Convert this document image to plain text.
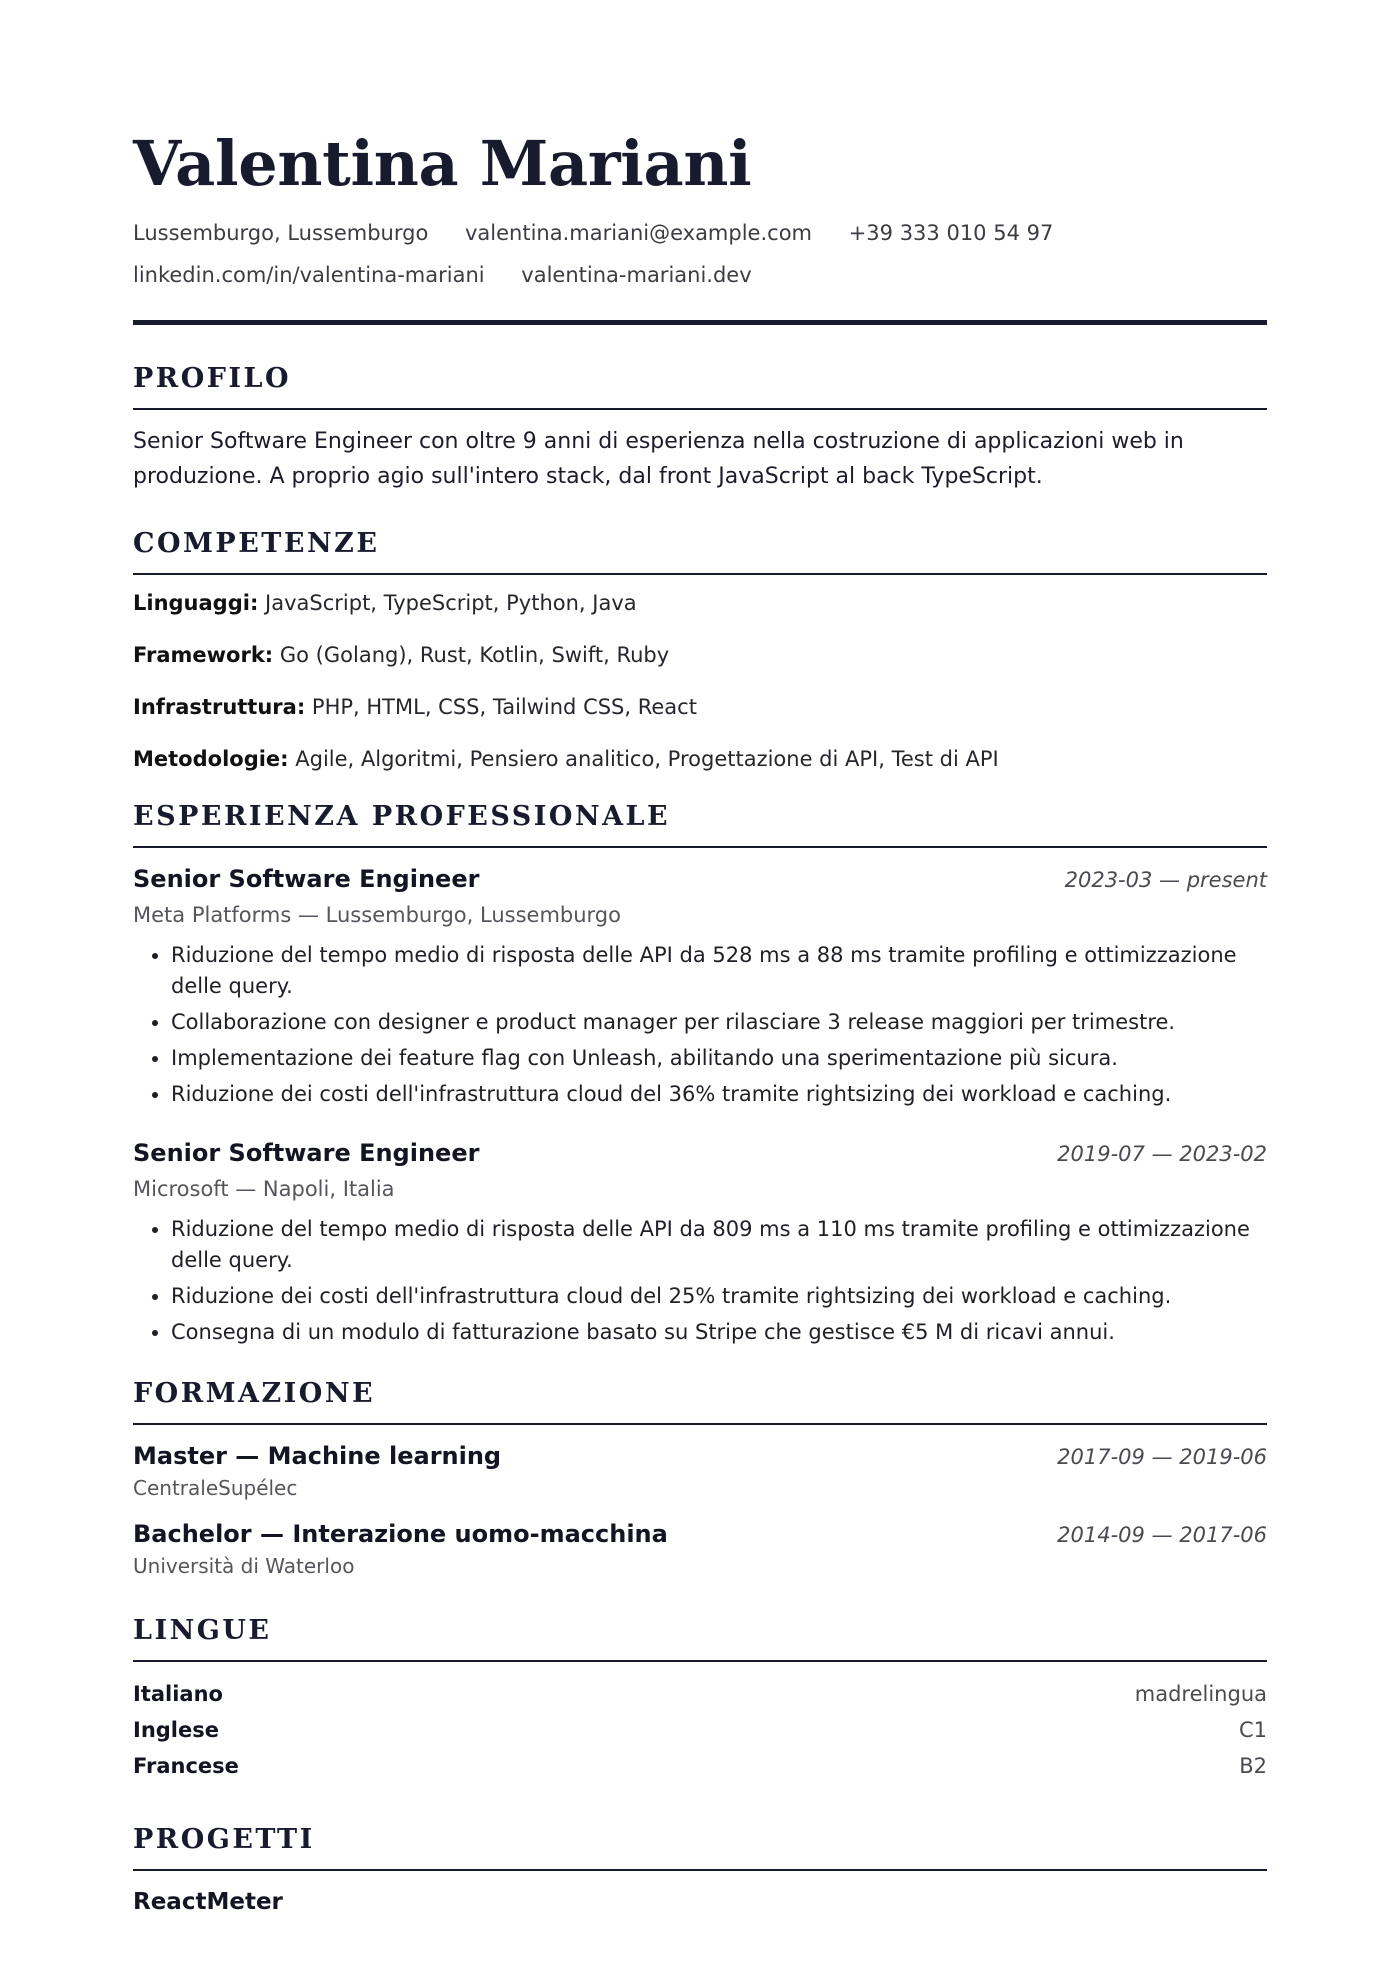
Valentina Mariani
Lussemburgo, Lussemburgo valentina.mariani@example.com +39 333 010 54 97
linkedin.com/in/valentina-mariani valentina-mariani.dev
PROFILO
Senior Software Engineer con oltre 9 anni di esperienza nella costruzione di applicazioni web in produzione. A proprio agio sull'intero stack, dal front JavaScript al back TypeScript.
COMPETENZE
Linguaggi: JavaScript, TypeScript, Python, Java
Framework: Go (Golang), Rust, Kotlin, Swift, Ruby
Infrastruttura: PHP, HTML, CSS, Tailwind CSS, React
Metodologie: Agile, Algoritmi, Pensiero analitico, Progettazione di API, Test di API
ESPERIENZA PROFESSIONALE
Senior Software Engineer	2023-03 — present
Meta Platforms — Lussemburgo, Lussemburgo
• Riduzione del tempo medio di risposta delle API da 528 ms a 88 ms tramite profiling e ottimizzazione delle query.
• Collaborazione con designer e product manager per rilasciare 3 release maggiori per trimestre.
• Implementazione dei feature flag con Unleash, abilitando una sperimentazione più sicura.
• Riduzione dei costi dell'infrastruttura cloud del 36% tramite rightsizing dei workload e caching.
Senior Software Engineer	2019-07 — 2023-02
Microsoft — Napoli, Italia
• Riduzione del tempo medio di risposta delle API da 809 ms a 110 ms tramite profiling e ottimizzazione delle query.
• Riduzione dei costi dell'infrastruttura cloud del 25% tramite rightsizing dei workload e caching.
• Consegna di un modulo di fatturazione basato su Stripe che gestisce €5 M di ricavi annui.
FORMAZIONE
Master — Machine learning	2017-09 — 2019-06
CentraleSupélec
Bachelor — Interazione uomo-macchina	2014-09 — 2017-06
Università di Waterloo
LINGUE
Italiano	madrelingua
Inglese	C1
Francese	B2
PROGETTI
ReactMeter
